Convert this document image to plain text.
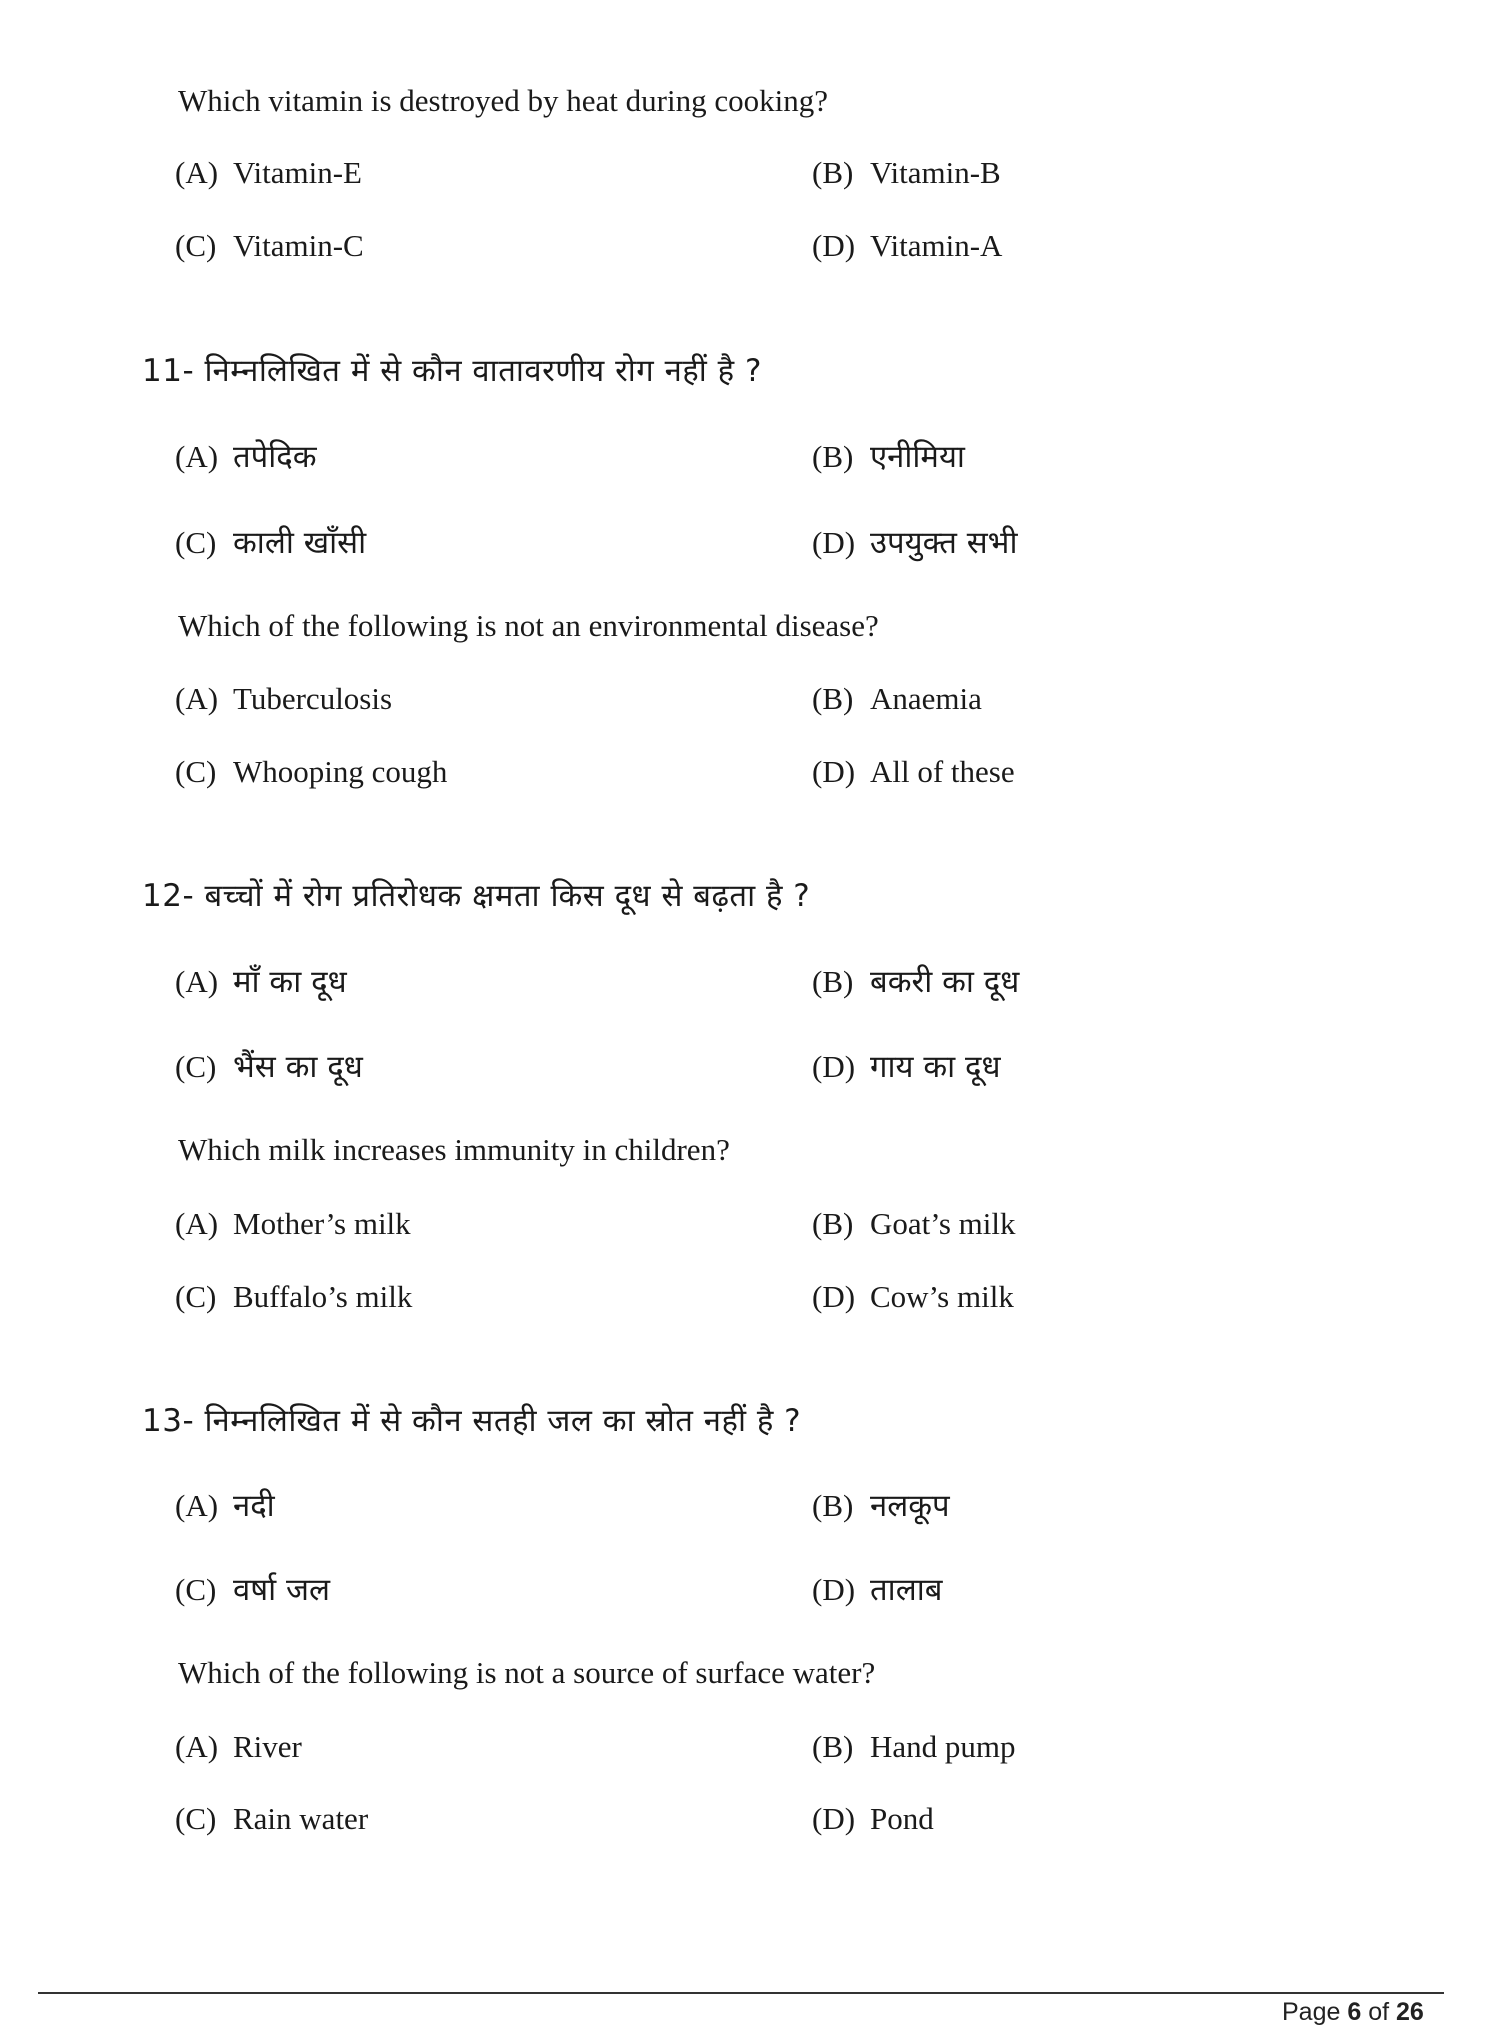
Which vitamin is destroyed by heat during cooking?
(A) Vitamin-E	(B) Vitamin-B
(C) Vitamin-C	(D) Vitamin-A
11- निम्नलिखित में से कौन वातावरणीय रोग नहीं है ?
(A) तपेदिक	(B) एनीमिया
(C) काली खाँसी	(D) उपयुक्त सभी
Which of the following is not an environmental disease?
(A) Tuberculosis	(B) Anaemia
(C) Whooping cough	(D) All of these
12- बच्चों में रोग प्रतिरोधक क्षमता किस दूध से बढ़ता है ?
(A) माँ का दूध	(B) बकरी का दूध
(C) भैंस का दूध	(D) गाय का दूध
Which milk increases immunity in children?
(A) Mother’s milk	(B) Goat’s milk
(C) Buffalo’s milk	(D) Cow’s milk
13- निम्नलिखित में से कौन सतही जल का स्रोत नहीं है ?
(A) नदी	(B) नलकूप
(C) वर्षा जल	(D) तालाब
Which of the following is not a source of surface water?
(A) River	(B) Hand pump
(C) Rain water	(D) Pond
Page 6 of 26
